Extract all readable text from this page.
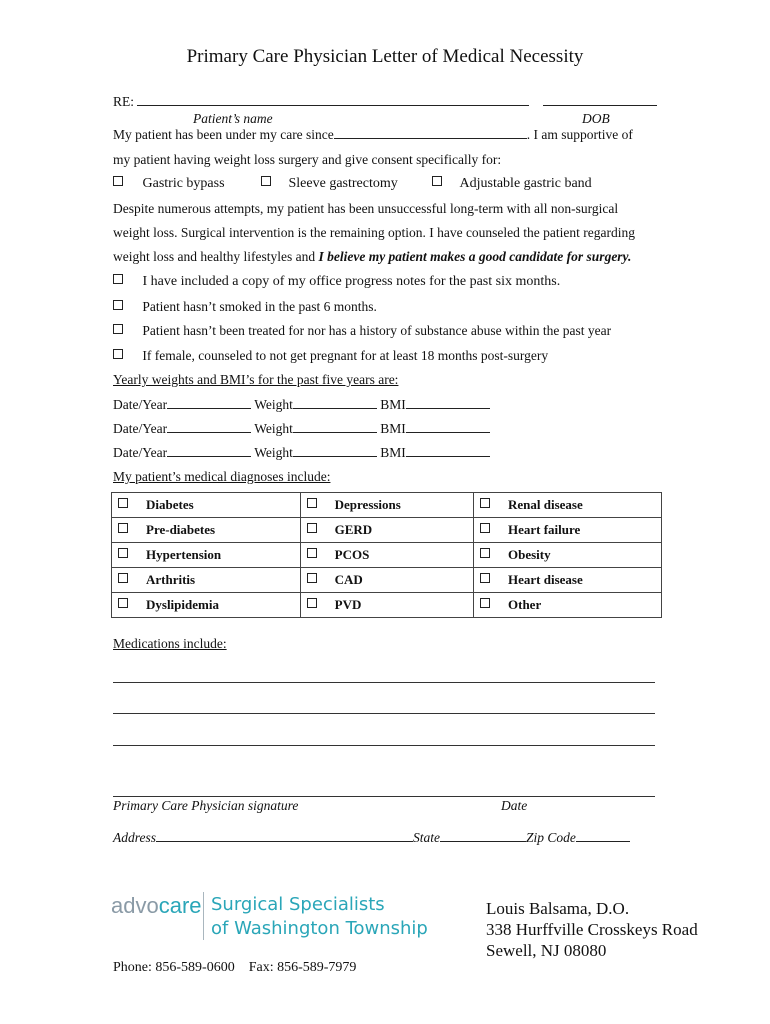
Primary Care Physician Letter of Medical Necessity
RE:
Patient’s name	DOB
My patient has been under my care since	. I am supportive of
my patient having weight loss surgery and give consent specifically for:
Gastric bypass	Sleeve gastrectomy	Adjustable gastric band
Despite numerous attempts, my patient has been unsuccessful long-term with all non-surgical
weight loss. Surgical intervention is the remaining option. I have counseled the patient regarding
weight loss and healthy lifestyles and I believe my patient makes a good candidate for surgery.
I have included a copy of my office progress notes for the past six months.
Patient hasn’t smoked in the past 6 months.
Patient hasn’t been treated for nor has a history of substance abuse within the past year
If female, counseled to not get pregnant for at least 18 months post-surgery
Yearly weights and BMI’s for the past five years are:
Date/Year	Weight	BMI
Date/Year	Weight	BMI
Date/Year	Weight	BMI
My patient’s medical diagnoses include:
Diabetes	Depressions	Renal disease
Pre-diabetes	GERD	Heart failure
Hypertension	PCOS	Obesity
Arthritis	CAD	Heart disease
Dyslipidemia	PVD	Other
Medications include:
Primary Care Physician signature	Date
Address	State	Zip Code
advocare Surgical Specialists
of Washington Township
Louis Balsama, D.O.
338 Hurffville Crosskeys Road
Sewell, NJ 08080
Phone: 856-589-0600    Fax: 856-589-7979
